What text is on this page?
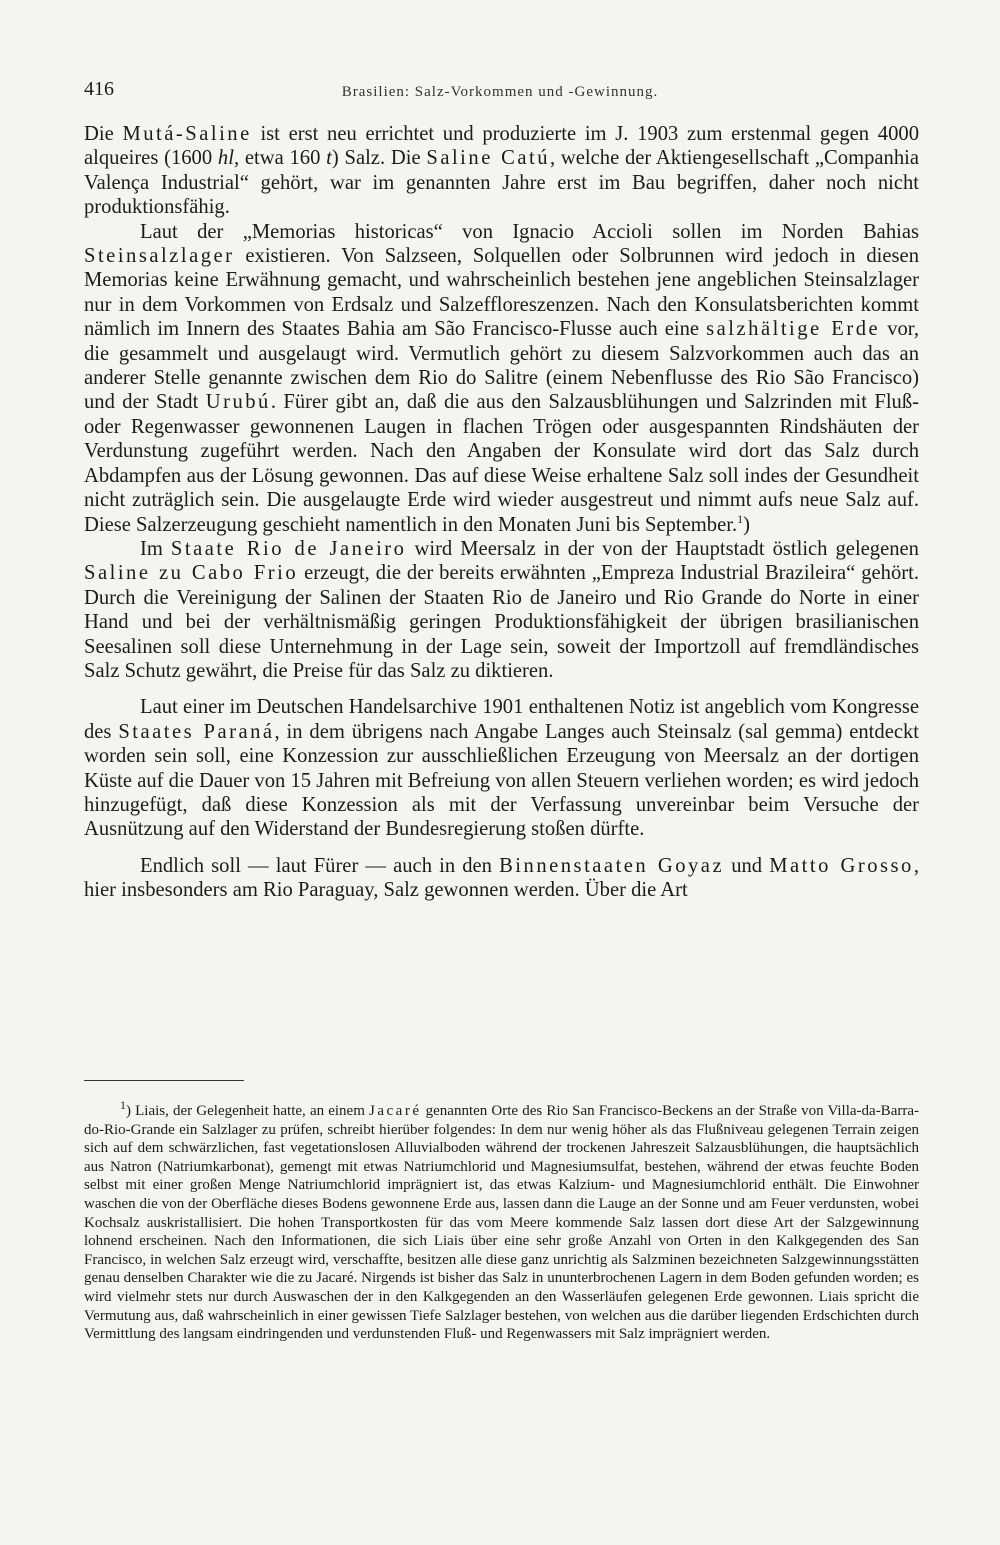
416	Brasilien: Salz-Vorkommen und -Gewinnung.

Die Mutá-Saline ist erst neu errichtet und produzierte im J. 1903 zum erstenmal gegen 4000 alqueires (1600 hl, etwa 160 t) Salz. Die Saline Catú, welche der Aktiengesellschaft „Companhia Valença Industrial“ gehört, war im genannten Jahre erst im Bau begriffen, daher noch nicht produktionsfähig.

Laut der „Memorias historicas“ von Ignacio Accioli sollen im Norden Bahias Steinsalzlager existieren. Von Salzseen, Solquellen oder Solbrunnen wird jedoch in diesen Memorias keine Erwähnung gemacht, und wahrscheinlich bestehen jene angeblichen Steinsalzlager nur in dem Vorkommen von Erdsalz und Salzeffloreszenzen. Nach den Konsulatsberichten kommt nämlich im Innern des Staates Bahia am São Francisco-Flusse auch eine salzhältige Erde vor, die gesammelt und ausgelaugt wird. Vermutlich gehört zu diesem Salzvorkommen auch das an anderer Stelle genannte zwischen dem Rio do Salitre (einem Nebenflusse des Rio São Francisco) und der Stadt Urubú. Fürer gibt an, daß die aus den Salzausblühungen und Salzrinden mit Fluß- oder Regenwasser gewonnenen Laugen in flachen Trögen oder ausgespannten Rindshäuten der Verdunstung zugeführt werden. Nach den Angaben der Konsulate wird dort das Salz durch Abdampfen aus der Lösung gewonnen. Das auf diese Weise erhaltene Salz soll indes der Gesundheit nicht zuträglich sein. Die ausgelaugte Erde wird wieder ausgestreut und nimmt aufs neue Salz auf. Diese Salzerzeugung geschieht namentlich in den Monaten Juni bis September.$^1$)

Im Staate Rio de Janeiro wird Meersalz in der von der Hauptstadt östlich gelegenen Saline zu Cabo Frio erzeugt, die der bereits erwähnten „Empreza Industrial Brazileira“ gehört. Durch die Vereinigung der Salinen der Staaten Rio de Janeiro und Rio Grande do Norte in einer Hand und bei der verhältnismäßig geringen Produktionsfähigkeit der übrigen brasilianischen Seesalinen soll diese Unternehmung in der Lage sein, soweit der Importzoll auf fremdländisches Salz Schutz gewährt, die Preise für das Salz zu diktieren.

Laut einer im Deutschen Handelsarchive 1901 enthaltenen Notiz ist angeblich vom Kongresse des Staates Paraná, in dem übrigens nach Angabe Langes auch Steinsalz (sal gemma) entdeckt worden sein soll, eine Konzession zur ausschließlichen Erzeugung von Meersalz an der dortigen Küste auf die Dauer von 15 Jahren mit Befreiung von allen Steuern verliehen worden; es wird jedoch hinzugefügt, daß diese Konzession als mit der Verfassung unvereinbar beim Versuche der Ausnützung auf den Widerstand der Bundesregierung stoßen dürfte.

Endlich soll — laut Fürer — auch in den Binnenstaaten Goyaz und Matto Grosso, hier insbesonders am Rio Paraguay, Salz gewonnen werden. Über die Art

$^1$) Liais, der Gelegenheit hatte, an einem Jacaré genannten Orte des Rio San Francisco-Beckens an der Straße von Villa-da-Barra-do-Rio-Grande ein Salzlager zu prüfen, schreibt hierüber folgendes: In dem nur wenig höher als das Flußniveau gelegenen Terrain zeigen sich auf dem schwärzlichen, fast vegetationslosen Alluvialboden während der trockenen Jahreszeit Salzausblühungen, die hauptsächlich aus Natron (Natriumkarbonat), gemengt mit etwas Natriumchlorid und Magnesiumsulfat, bestehen, während der etwas feuchte Boden selbst mit einer großen Menge Natriumchlorid imprägniert ist, das etwas Kalzium- und Magnesiumchlorid enthält. Die Einwohner waschen die von der Oberfläche dieses Bodens gewonnene Erde aus, lassen dann die Lauge an der Sonne und am Feuer verdunsten, wobei Kochsalz auskristallisiert. Die hohen Transportkosten für das vom Meere kommende Salz lassen dort diese Art der Salzgewinnung lohnend erscheinen. Nach den Informationen, die sich Liais über eine sehr große Anzahl von Orten in den Kalkgegenden des San Francisco, in welchen Salz erzeugt wird, verschaffte, besitzen alle diese ganz unrichtig als Salzminen bezeichneten Salzgewinnungsstätten genau denselben Charakter wie die zu Jacaré. Nirgends ist bisher das Salz in ununterbrochenen Lagern in dem Boden gefunden worden; es wird vielmehr stets nur durch Auswaschen der in den Kalkgegenden an den Wasserläufen gelegenen Erde gewonnen. Liais spricht die Vermutung aus, daß wahrscheinlich in einer gewissen Tiefe Salzlager bestehen, von welchen aus die darüber liegenden Erdschichten durch Vermittlung des langsam eindringenden und verdunstenden Fluß- und Regenwassers mit Salz imprägniert werden.
